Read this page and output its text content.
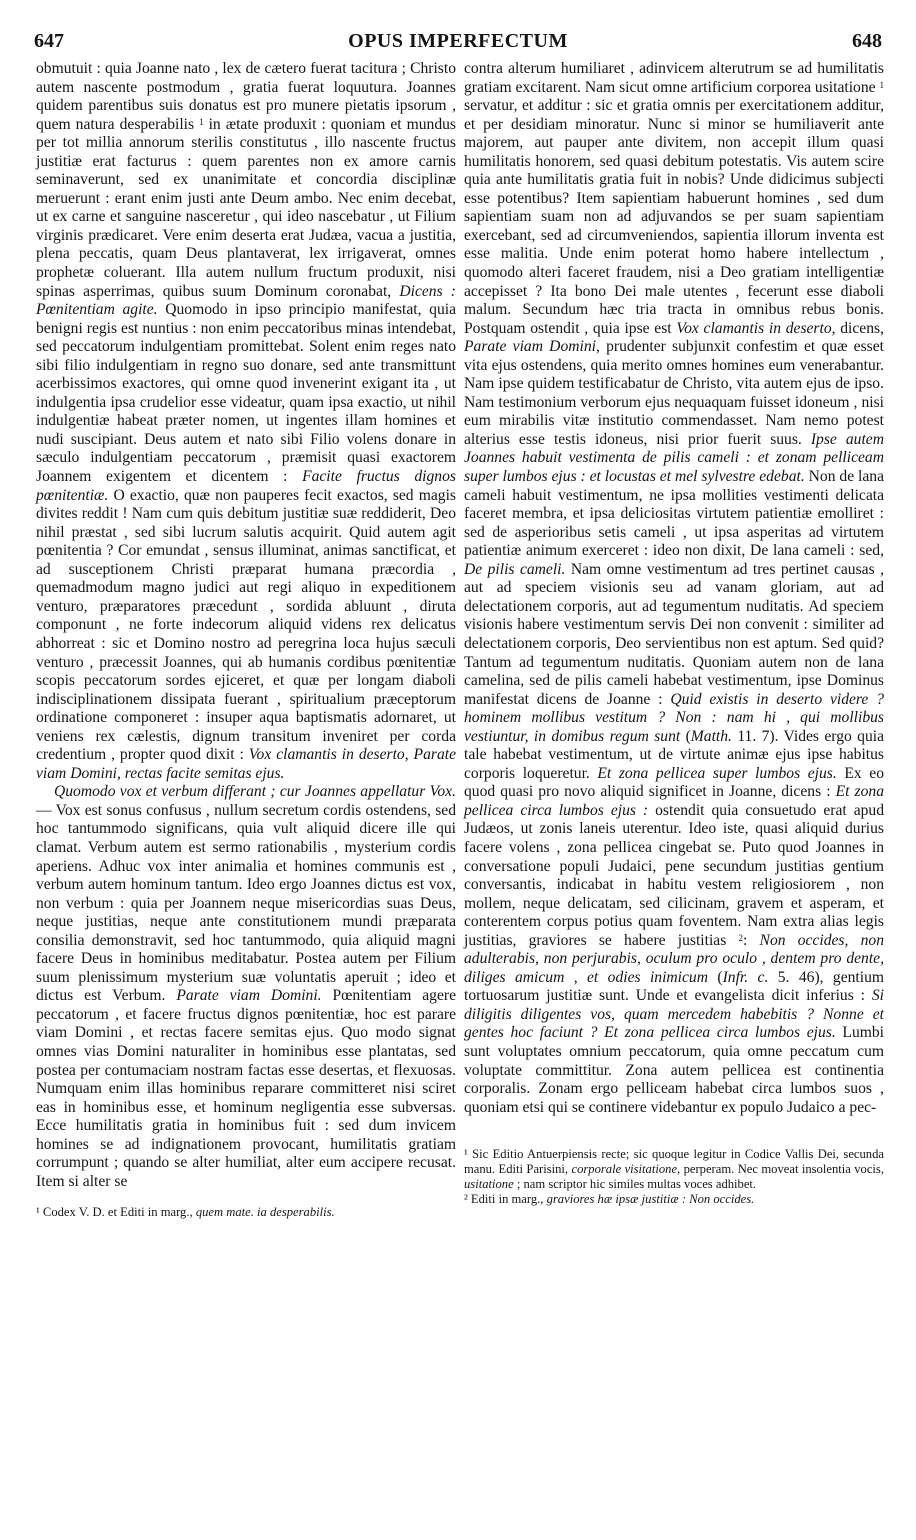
647	OPUS IMPERFECTUM	648

obmutuit : quia Joanne nato , lex de cætero fuerat tacitura ; Christo autem nascente postmodum , gratia fuerat loquutura. Joannes quidem parentibus suis donatus est pro munere pietatis ipsorum , quem natura desperabilis $^1$ in ætate produxit : quoniam et mundus per tot millia annorum sterilis constitutus , illo nascente fructus justitiæ erat facturus : quem parentes non ex amore carnis seminaverunt, sed ex unanimitate et concordia disciplinæ meruerunt : erant enim justi ante Deum ambo. Nec enim decebat, ut ex carne et sanguine nasceretur , qui ideo nascebatur , ut Filium virginis prædicaret. Vere enim deserta erat Judæa, vacua a justitia, plena peccatis, quam Deus plantaverat, lex irrigaverat, omnes prophetæ coluerant. Illa autem nullum fructum produxit, nisi spinas asperrimas, quibus suum Dominum coronabat, Dicens : Pœnitentiam agite. Quomodo in ipso principio manifestat, quia benigni regis est nuntius : non enim peccatoribus minas intendebat, sed peccatorum indulgentiam promittebat. Solent enim reges nato sibi filio indulgentiam in regno suo donare, sed ante transmittunt acerbissimos exactores, qui omne quod invenerint exigant ita , ut indulgentia ipsa crudelior esse videatur, quam ipsa exactio, ut nihil indulgentiæ habeat præter nomen, ut ingentes illam homines et nudi suscipiant. Deus autem et nato sibi Filio volens donare in sæculo indulgentiam peccatorum , præmisit quasi exactorem Joannem exigentem et dicentem : Facite fructus dignos pœnitentiæ. O exactio, quæ non pauperes fecit exactos, sed magis divites reddit ! Nam cum quis debitum justitiæ suæ reddiderit, Deo nihil præstat , sed sibi lucrum salutis acquirit. Quid autem agit pœnitentia ? Cor emundat , sensus illuminat, animas sanctificat, et ad susceptionem Christi præparat humana præcordia , quemadmodum magno judici aut regi aliquo in expeditionem venturo, præparatores præcedunt , sordida abluunt , diruta componunt , ne forte indecorum aliquid videns rex delicatus abhorreat : sic et Domino nostro ad peregrina loca hujus sæculi venturo , præcessit Joannes, qui ab humanis cordibus pœnitentiæ scopis peccatorum sordes ejiceret, et quæ per longam diaboli indisciplinationem dissipata fuerant , spiritualium præceptorum ordinatione componeret : insuper aqua baptismatis adornaret, ut veniens rex cælestis, dignum transitum inveniret per corda credentium , propter quod dixit : Vox clamantis in deserto, Parate viam Domini, rectas facite semitas ejus.

Quomodo vox et verbum differant ; cur Joannes appellatur Vox. — Vox est sonus confusus , nullum secretum cordis ostendens, sed hoc tantummodo significans, quia vult aliquid dicere ille qui clamat. Verbum autem est sermo rationabilis , mysterium cordis aperiens. Adhuc vox inter animalia et homines communis est , verbum autem hominum tantum. Ideo ergo Joannes dictus est vox, non verbum : quia per Joannem neque misericordias suas Deus, neque justitias, neque ante constitutionem mundi præparata consilia demonstravit, sed hoc tantummodo, quia aliquid magni facere Deus in hominibus meditabatur. Postea autem per Filium suum plenissimum mysterium suæ voluntatis aperuit ; ideo et dictus est Verbum. Parate viam Domini. Pœnitentiam agere peccatorum , et facere fructus dignos pœnitentiæ, hoc est parare viam Domini , et rectas facere semitas ejus. Quo modo signat omnes vias Domini naturaliter in hominibus esse plantatas, sed postea per contumaciam nostram factas esse desertas, et flexuosas. Numquam enim illas hominibus reparare committeret nisi sciret eas in hominibus esse, et hominum negligentia esse subversas. Ecce humilitatis gratia in hominibus fuit : sed dum invicem homines se ad indignationem provocant, humilitatis gratiam corrumpunt ; quando se alter humiliat, alter eum accipere recusat. Item si alter se

¹ Codex V. D. et Editi in marg., quem mate. ia desperabilis.

contra alterum humiliaret , adinvicem alterutrum se ad humilitatis gratiam excitarent. Nam sicut omne artificium corporea usitatione $^1$ servatur, et additur : sic et gratia omnis per exercitationem additur, et per desidiam minoratur. Nunc si minor se humiliaverit ante majorem, aut pauper ante divitem, non accepit illum quasi humilitatis honorem, sed quasi debitum potestatis. Vis autem scire quia ante humilitatis gratia fuit in nobis? Unde didicimus subjecti esse potentibus? Item sapientiam habuerunt homines , sed dum sapientiam suam non ad adjuvandos se per suam sapientiam exercebant, sed ad circumveniendos, sapientia illorum inventa est esse malitia. Unde enim poterat homo habere intellectum , quomodo alteri faceret fraudem, nisi a Deo gratiam intelligentiæ accepisset ? Ita bono Dei male utentes , fecerunt esse diaboli malum. Secundum hæc tria tracta in omnibus rebus bonis. Postquam ostendit , quia ipse est Vox clamantis in deserto, dicens, Parate viam Domini, prudenter subjunxit confestim et quæ esset vita ejus ostendens, quia merito omnes homines eum venerabantur. Nam ipse quidem testificabatur de Christo, vita autem ejus de ipso. Nam testimonium verborum ejus nequaquam fuisset idoneum , nisi eum mirabilis vitæ institutio commendasset. Nam nemo potest alterius esse testis idoneus, nisi prior fuerit suus. Ipse autem Joannes habuit vestimenta de pilis cameli : et zonam pelliceam super lumbos ejus : et locustas et mel sylvestre edebat. Non de lana cameli habuit vestimentum, ne ipsa mollities vestimenti delicata faceret membra, et ipsa deliciositas virtutem patientiæ emolliret : sed de asperioribus setis cameli , ut ipsa asperitas ad virtutem patientiæ animum exerceret : ideo non dixit, De lana cameli : sed, De pilis cameli. Nam omne vestimentum ad tres pertinet causas , aut ad speciem visionis seu ad vanam gloriam, aut ad delectationem corporis, aut ad tegumentum nuditatis. Ad speciem visionis habere vestimentum servis Dei non convenit : similiter ad delectationem corporis, Deo servientibus non est aptum. Sed quid? Tantum ad tegumentum nuditatis. Quoniam autem non de lana camelina, sed de pilis cameli habebat vestimentum, ipse Dominus manifestat dicens de Joanne : Quid existis in deserto videre ? hominem mollibus vestitum ? Non : nam hi , qui mollibus vestiuntur, in domibus regum sunt (Matth. 11. 7). Vides ergo quia tale habebat vestimentum, ut de virtute animæ ejus ipse habitus corporis loqueretur. Et zona pellicea super lumbos ejus. Ex eo quod quasi pro novo aliquid significet in Joanne, dicens : Et zona pellicea circa lumbos ejus : ostendit quia consuetudo erat apud Judæos, ut zonis laneis uterentur. Ideo iste, quasi aliquid durius facere volens , zona pellicea cingebat se. Puto quod Joannes in conversatione populi Judaici, pene secundum justitias gentium conversantis, indicabat in habitu vestem religiosiorem , non mollem, neque delicatam, sed cilicinam, gravem et asperam, et conterentem corpus potius quam foventem. Nam extra alias legis justitias, graviores se habere justitias $^2$: Non occides, non adulterabis, non perjurabis, oculum pro oculo , dentem pro dente, diliges amicum , et odies inimicum (Infr. c. 5. 46), gentium tortuosarum justitiæ sunt. Unde et evangelista dicit inferius : Si diligitis diligentes vos, quam mercedem habebitis ? Nonne et gentes hoc faciunt ? Et zona pellicea circa lumbos ejus. Lumbi sunt voluptates omnium peccatorum, quia omne peccatum cum voluptate committitur. Zona autem pellicea est continentia corporalis. Zonam ergo pelliceam habebat circa lumbos suos , quoniam etsi qui se continere videbantur ex populo Judaico a pec-

¹ Sic Editio Antuerpiensis recte; sic quoque legitur in Codice Vallis Dei, secunda manu. Editi Parisini, corporale visitatione, perperam. Nec moveat insolentia vocis, usitatione ; nam scriptor hic similes multas voces adhibet.

² Editi in marg., graviores hæ ipsæ justitiæ : Non occides.
